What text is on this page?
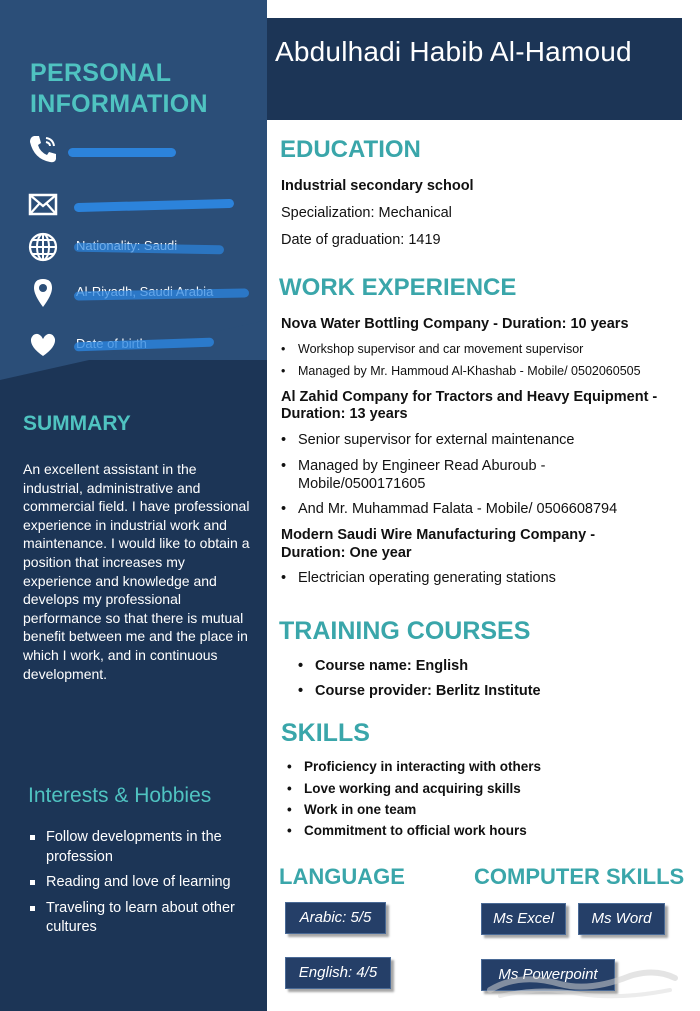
PERSONAL
INFORMATION
SUMMARY
An excellent assistant in the industrial, administrative and commercial field. I have professional experience in industrial work and maintenance. I would like to obtain a position that increases my experience and knowledge and develops my professional performance so that there is mutual benefit between me and the place in which I work, and in continuous development.
Interests & Hobbies
Follow developments in the profession
Reading and love of learning
Traveling to learn about other cultures
Abdulhadi Habib Al-Hamoud
EDUCATION
Industrial secondary school
Specialization: Mechanical
Date of graduation: 1419
WORK EXPERIENCE
Nova Water Bottling Company - Duration: 10 years
• Workshop supervisor and car movement supervisor
• Managed by Mr. Hammoud Al-Khashab - Mobile/ 0502060505
Al Zahid Company for Tractors and Heavy Equipment -
Duration: 13 years
• Senior supervisor for external maintenance
• Managed by Engineer Read Aburoub -
Mobile/0500171605
• And Mr. Muhammad Falata - Mobile/ 0506608794
Modern Saudi Wire Manufacturing Company -
Duration: One year
• Electrician operating generating stations
TRAINING COURSES
• Course name: English
• Course provider: Berlitz Institute
SKILLS
• Proficiency in interacting with others
• Love working and acquiring skills
• Work in one team
• Commitment to official work hours
LANGUAGE
Arabic: 5/5
English: 4/5
COMPUTER SKILLS
Ms Excel	Ms Word
Ms Powerpoint
